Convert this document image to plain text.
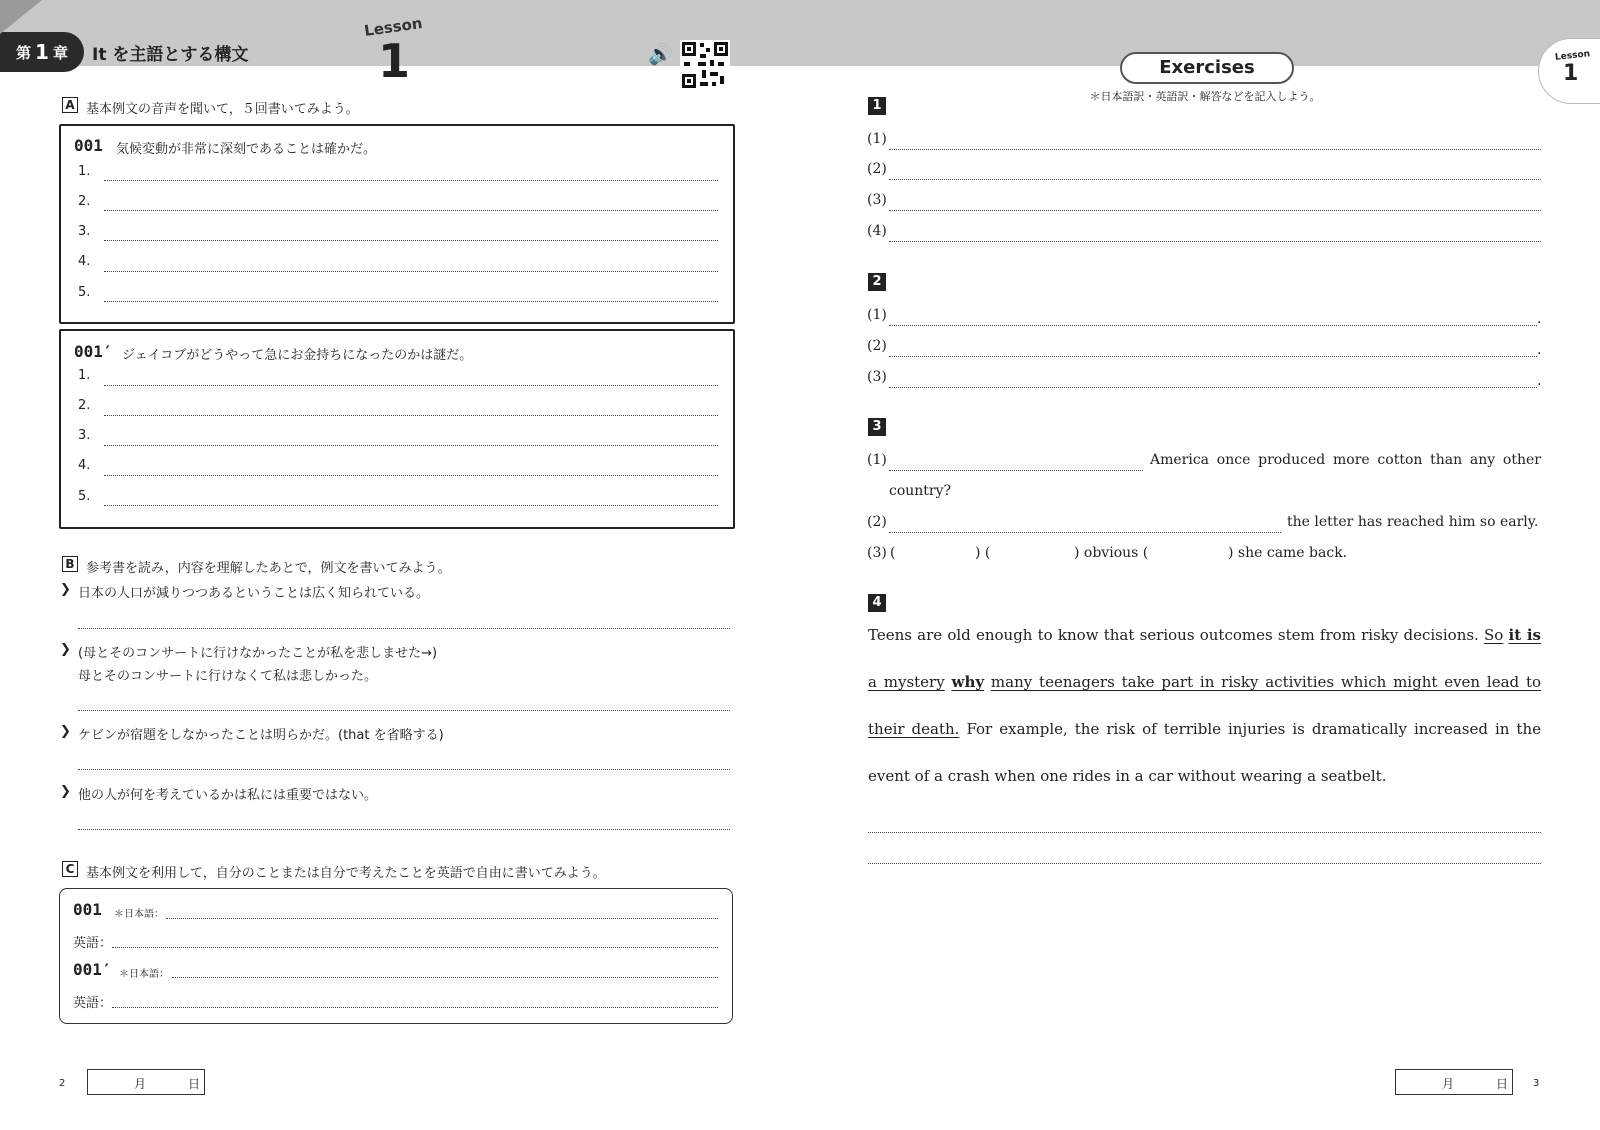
第 1 章 It を主語とする構文
Lesson
1	🔊	Lesson
1
A 基本例文の音声を聞いて，５回書いてみよう。
001 気候変動が非常に深刻であることは確かだ。
1.
2.
3.
4.
5.
001′ ジェイコブがどうやって急にお金持ちになったのかは謎だ。
1.
2.
3.
4.
5.
B 参考書を読み，内容を理解したあとで，例文を書いてみよう。
❯ 日本の人口が減りつつあるということは広く知られている。
❯ (母とそのコンサートに行けなかったことが私を悲しませた→)
母とそのコンサートに行けなくて私は悲しかった。
❯ ケビンが宿題をしなかったことは明らかだ。(that を省略する)
❯ 他の人が何を考えているかは私には重要ではない。
C 基本例文を利用して，自分のことまたは自分で考えたことを英語で自由に書いてみよう。
001 ＊日本語：
英語：
001′ ＊日本語：
英語：
2	月	日
Exercises
＊日本語訳・英語訳・解答などを記入しよう。
1
(1)
(2)
(3)
(4)
2
(1)	.
(2)	.
(3)	.
3
(1)	America once produced more cotton than any other
country?
(2)	the letter has reached him so early.
(3) (	) (	) obvious (	) she came back.
4
Teens are old enough to know that serious outcomes stem from risky decisions. So it is a mystery why many teenagers take part in risky activities which might even lead to their death. For example, the risk of terrible injuries is dramatically increased in the event of a crash when one rides in a car without wearing a seatbelt.
月	日 3
